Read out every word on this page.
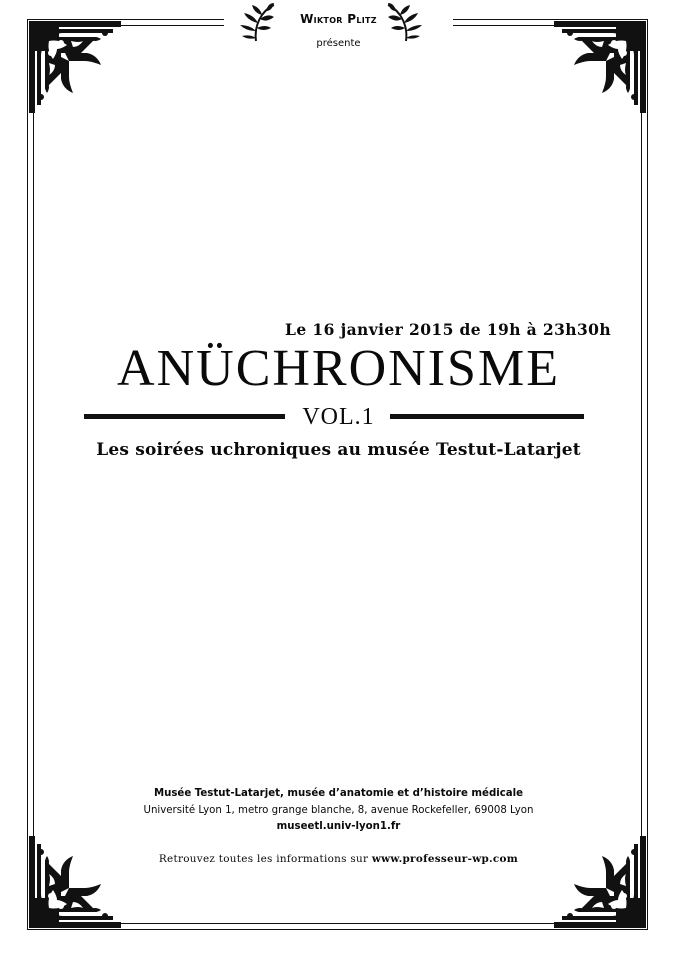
Wiktor Plitz
présente
Le 16 janvier 2015 de 19h à 23h30h
ANÜCHRONISME
VOL.1
Les soirées uchroniques au musée Testut-Latarjet
Musée Testut-Latarjet, musée d’anatomie et d’histoire médicale
Université Lyon 1, metro grange blanche, 8, avenue Rockefeller, 69008 Lyon
museetl.univ-lyon1.fr
Retrouvez toutes les informations sur www.professeur-wp.com
